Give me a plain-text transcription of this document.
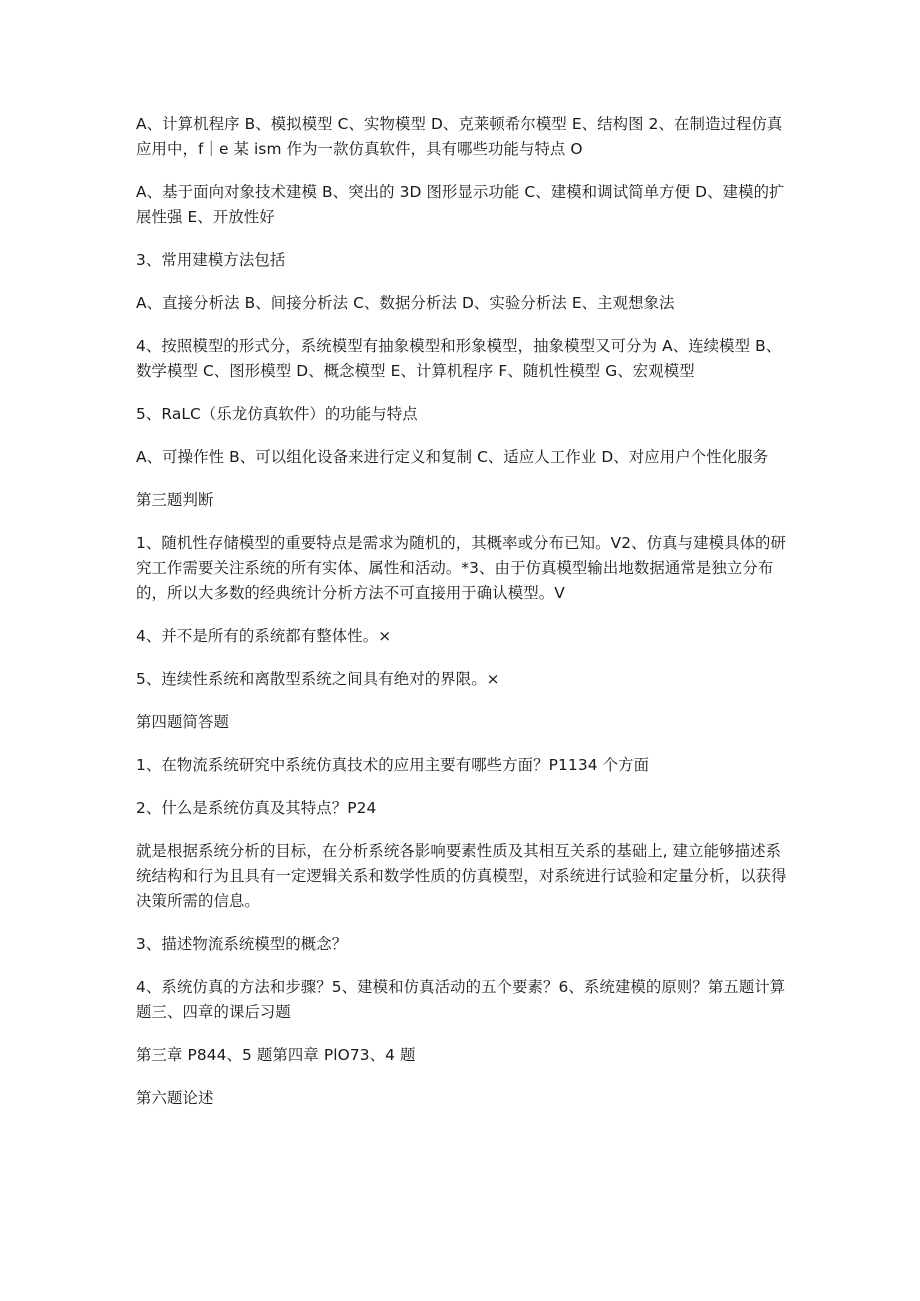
A、计算机程序 B、模拟模型 C、实物模型 D、克莱顿希尔模型 E、结构图 2、在制造过程仿真应用中，f｜e 某 ism 作为一款仿真软件，具有哪些功能与特点 O

A、基于面向对象技术建模 B、突出的 3D 图形显示功能 C、建模和调试简单方便 D、建模的扩展性强 E、开放性好

3、常用建模方法包括

A、直接分析法 B、间接分析法 C、数据分析法 D、实验分析法 E、主观想象法

4、按照模型的形式分，系统模型有抽象模型和形象模型，抽象模型又可分为 A、连续模型 B、数学模型 C、图形模型 D、概念模型 E、计算机程序 F、随机性模型 G、宏观模型

5、RaLC（乐龙仿真软件）的功能与特点

A、可操作性 B、可以组化设备来进行定义和复制 C、适应人工作业 D、对应用户个性化服务

第三题判断

1、随机性存储模型的重要特点是需求为随机的，其概率或分布已知。V2、仿真与建模具体的研究工作需要关注系统的所有实体、属性和活动。*3、由于仿真模型输出地数据通常是独立分布的，所以大多数的经典统计分析方法不可直接用于确认模型。V

4、并不是所有的系统都有整体性。×

5、连续性系统和离散型系统之间具有绝对的界限。×

第四题简答题

1、在物流系统研究中系统仿真技术的应用主要有哪些方面？P1134 个方面

2、什么是系统仿真及其特点？P24

就是根据系统分析的目标，在分析系统各影响要素性质及其相互关系的基础上, 建立能够描述系统结构和行为且具有一定逻辑关系和数学性质的仿真模型，对系统进行试验和定量分析，以获得决策所需的信息。

3、描述物流系统模型的概念？

4、系统仿真的方法和步骤？5、建模和仿真活动的五个要素？6、系统建模的原则？第五题计算题三、四章的课后习题

第三章 P844、5 题第四章 PlO73、4 题

第六题论述
